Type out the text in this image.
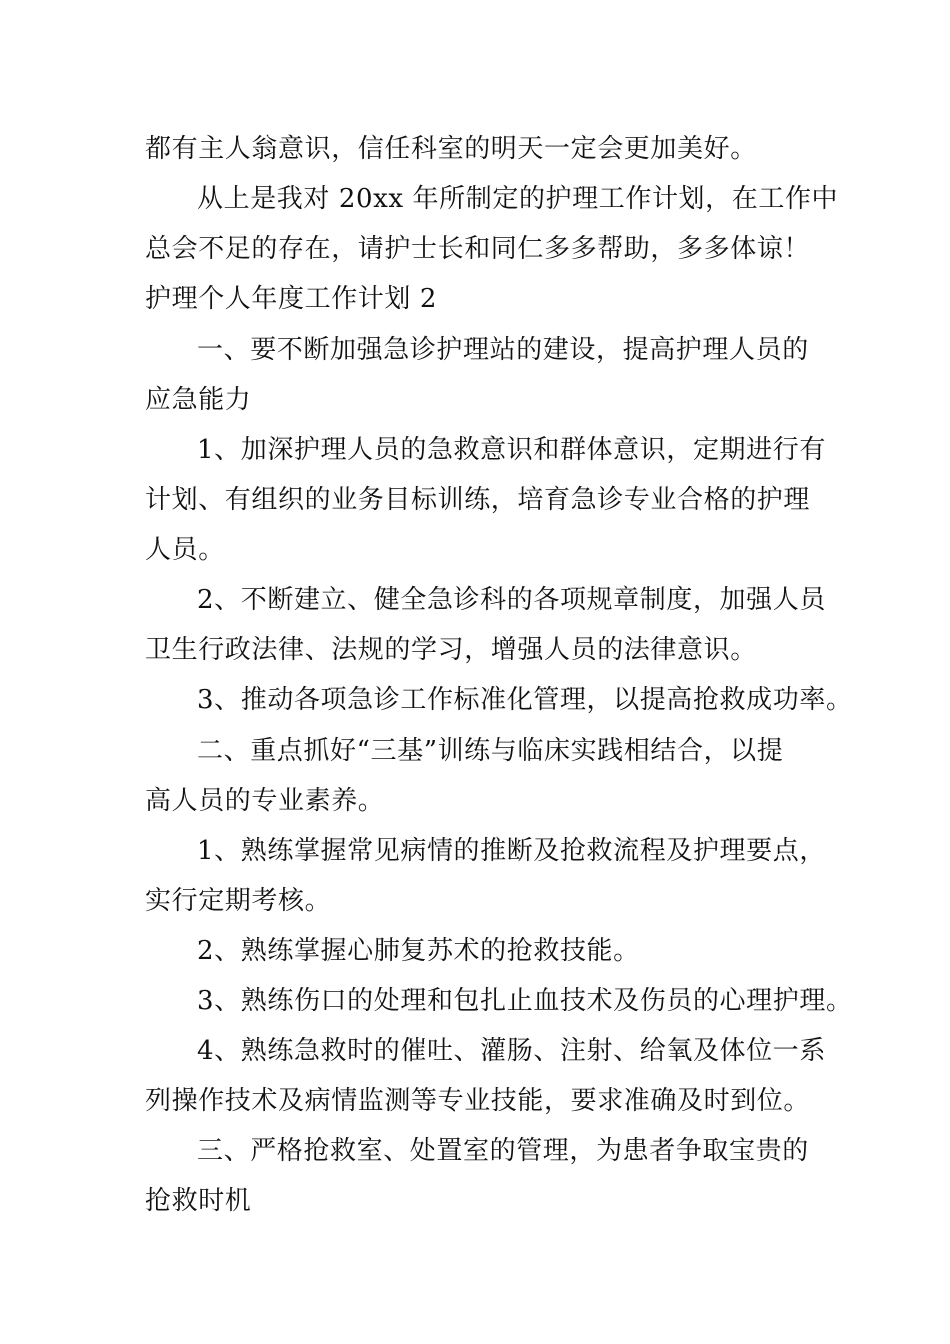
都有主人翁意识，信任科室的明天一定会更加美好。
从上是我对 20xx 年所制定的护理工作计划，在工作中
总会不足的存在，请护士长和同仁多多帮助，多多体谅！
护理个人年度工作计划 2
一、要不断加强急诊护理站的建设，提高护理人员的
应急能力
1、加深护理人员的急救意识和群体意识，定期进行有
计划、有组织的业务目标训练，培育急诊专业合格的护理
人员。
2、不断建立、健全急诊科的各项规章制度，加强人员
卫生行政法律、法规的学习，增强人员的法律意识。
3、推动各项急诊工作标准化管理，以提高抢救成功率。
二、重点抓好“三基”训练与临床实践相结合，以提
高人员的专业素养。
1、熟练掌握常见病情的推断及抢救流程及护理要点，
实行定期考核。
2、熟练掌握心肺复苏术的抢救技能。
3、熟练伤口的处理和包扎止血技术及伤员的心理护理。
4、熟练急救时的催吐、灌肠、注射、给氧及体位一系
列操作技术及病情监测等专业技能，要求准确及时到位。
三、严格抢救室、处置室的管理，为患者争取宝贵的
抢救时机
